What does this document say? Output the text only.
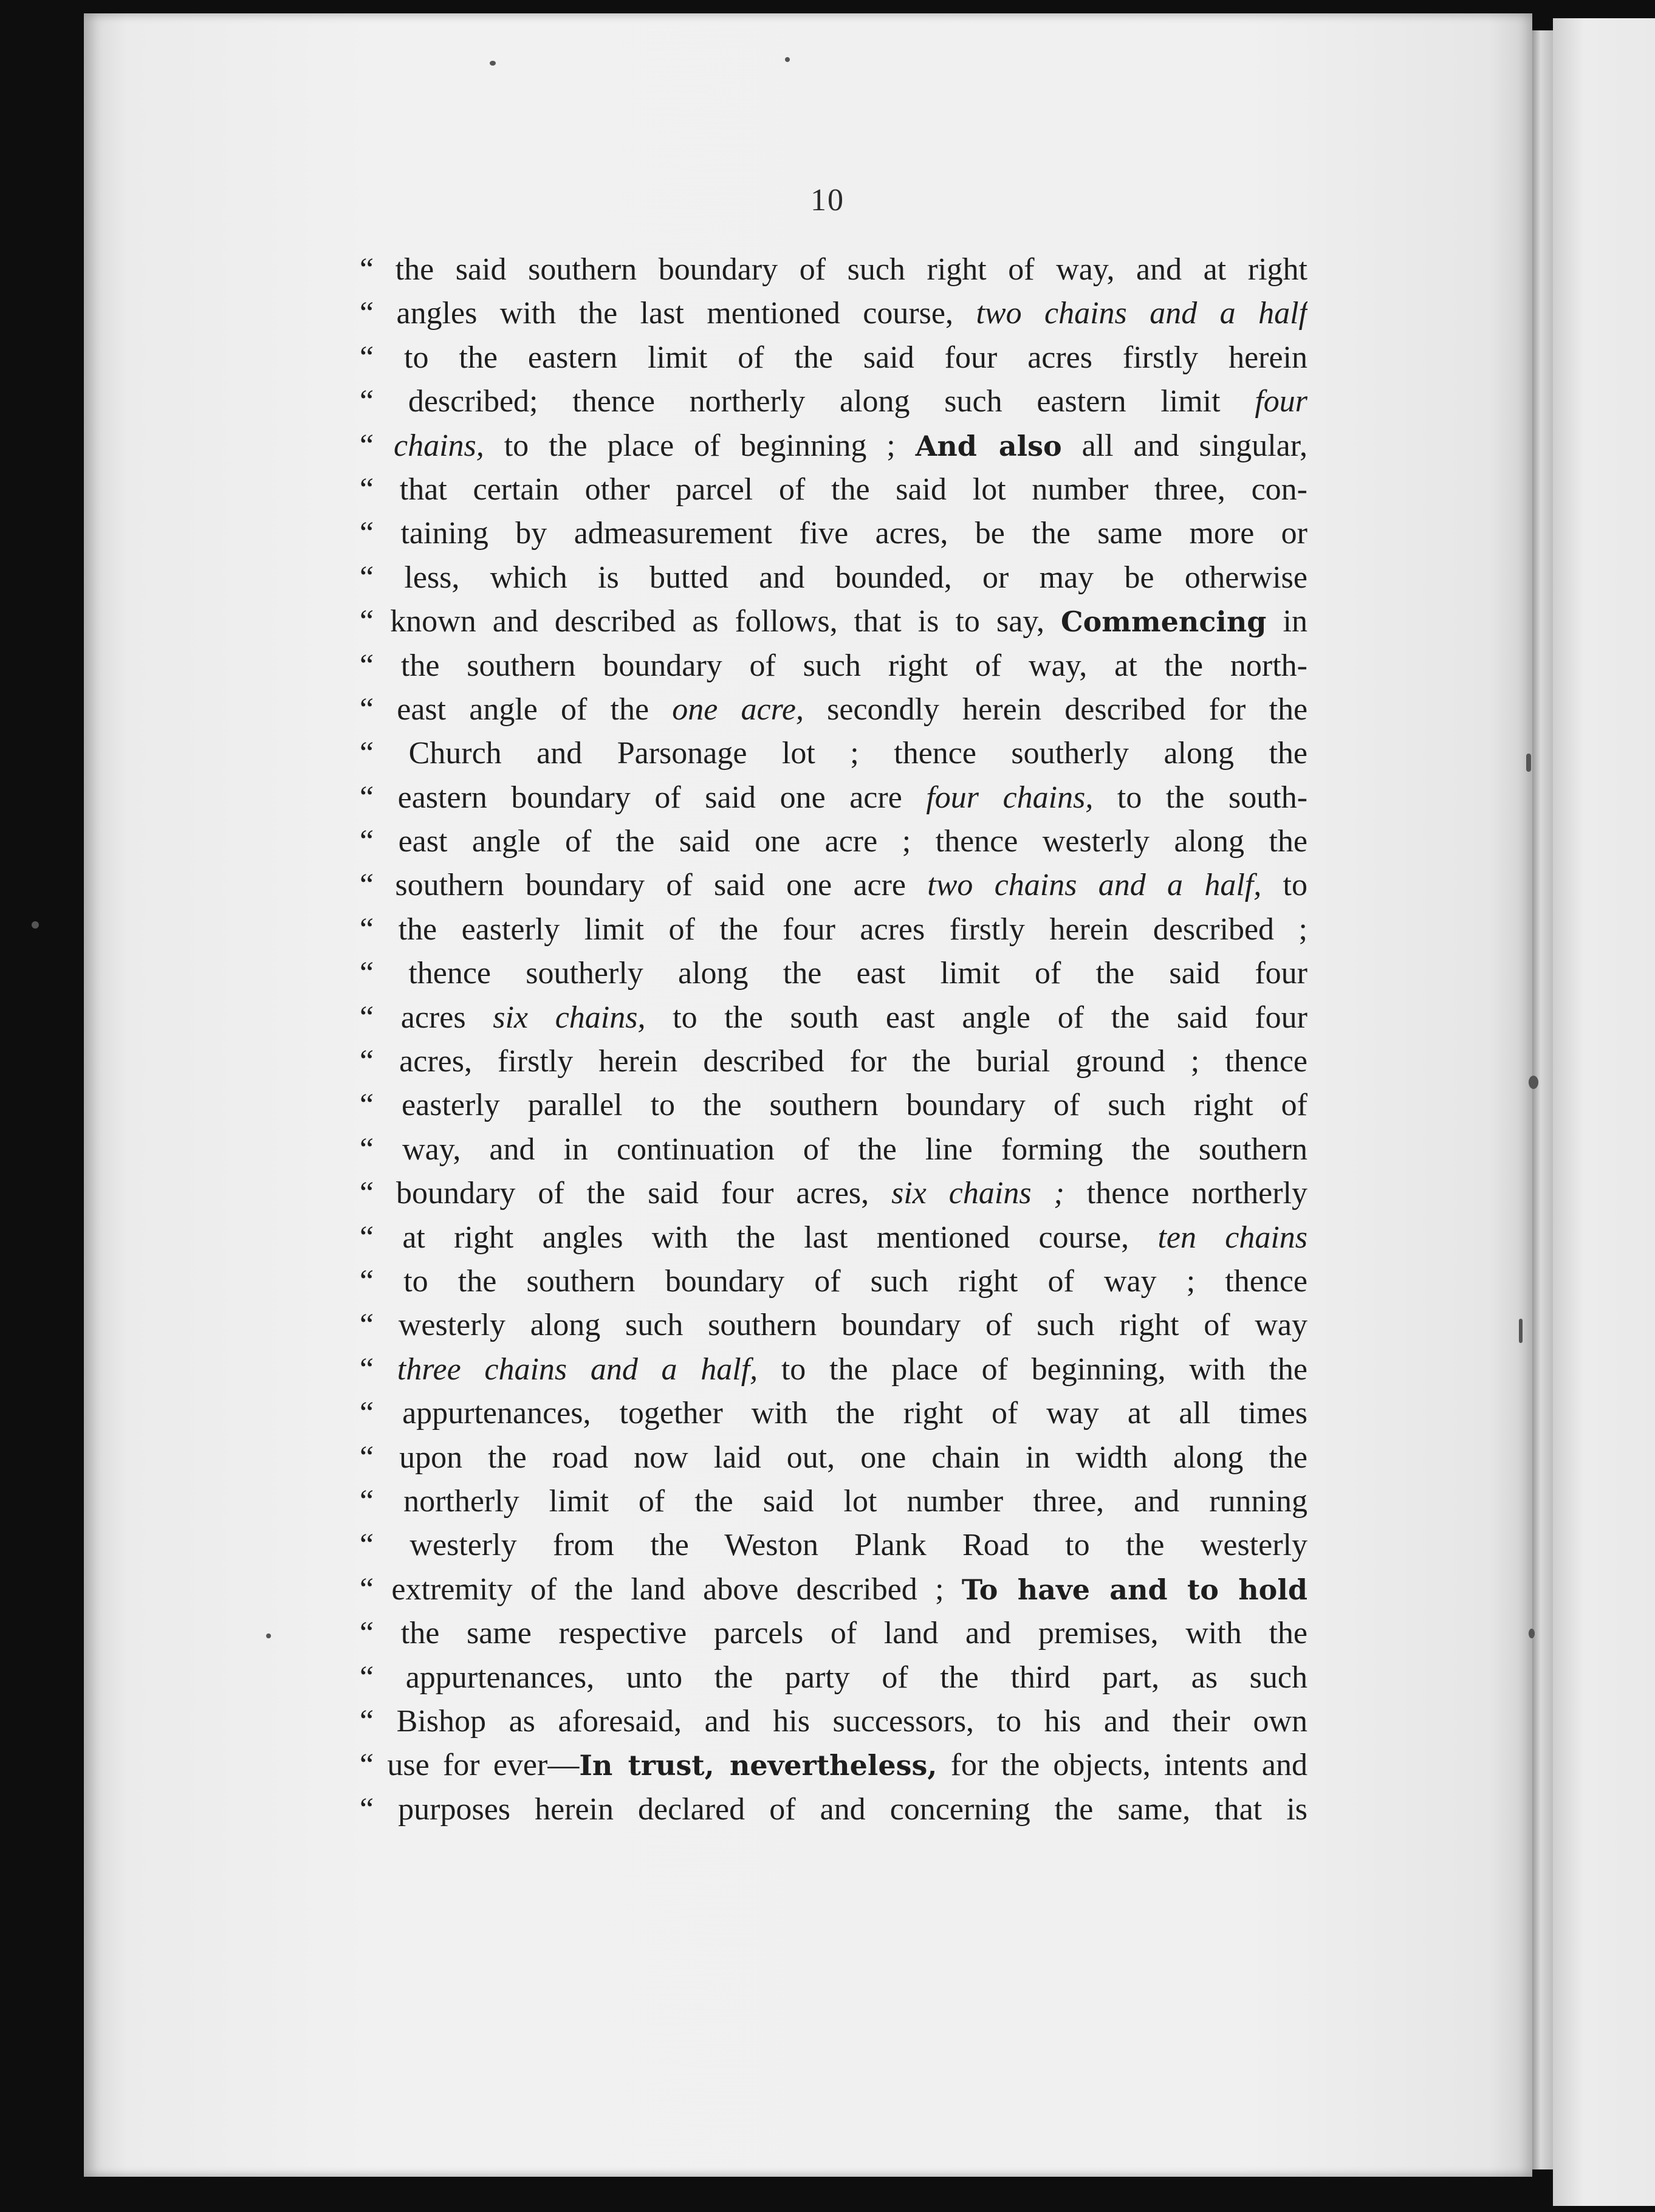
10
“ the said southern boundary of such right of way, and at right
“ angles with the last mentioned course, two chains and a half
“ to the eastern limit of the said four acres firstly herein
“ described; thence northerly along such eastern limit four
“ chains, to the place of beginning ; And also all and singular,
“ that certain other parcel of the said lot number three, con-
“ taining by admeasurement five acres, be the same more or
“ less, which is butted and bounded, or may be otherwise
“ known and described as follows, that is to say, Commencing in
“ the southern boundary of such right of way, at the north-
“ east angle of the one acre, secondly herein described for the
“ Church and Parsonage lot ; thence southerly along the
“ eastern boundary of said one acre four chains, to the south-
“ east angle of the said one acre ; thence westerly along the
“ southern boundary of said one acre two chains and a half, to
“ the easterly limit of the four acres firstly herein described ;
“ thence southerly along the east limit of the said four
“ acres six chains, to the south east angle of the said four
“ acres, firstly herein described for the burial ground ; thence
“ easterly parallel to the southern boundary of such right of
“ way, and in continuation of the line forming the southern
“ boundary of the said four acres, six chains ; thence northerly
“ at right angles with the last mentioned course, ten chains
“ to the southern boundary of such right of way ; thence
“ westerly along such southern boundary of such right of way
“ three chains and a half, to the place of beginning, with the
“ appurtenances, together with the right of way at all times
“ upon the road now laid out, one chain in width along the
“ northerly limit of the said lot number three, and running
“ westerly from the Weston Plank Road to the westerly
“ extremity of the land above described ; To have and to hold
“ the same respective parcels of land and premises, with the
“ appurtenances, unto the party of the third part, as such
“ Bishop as aforesaid, and his successors, to his and their own
“ use for ever—In trust, nevertheless, for the objects, intents and
“ purposes herein declared of and concerning the same, that is
